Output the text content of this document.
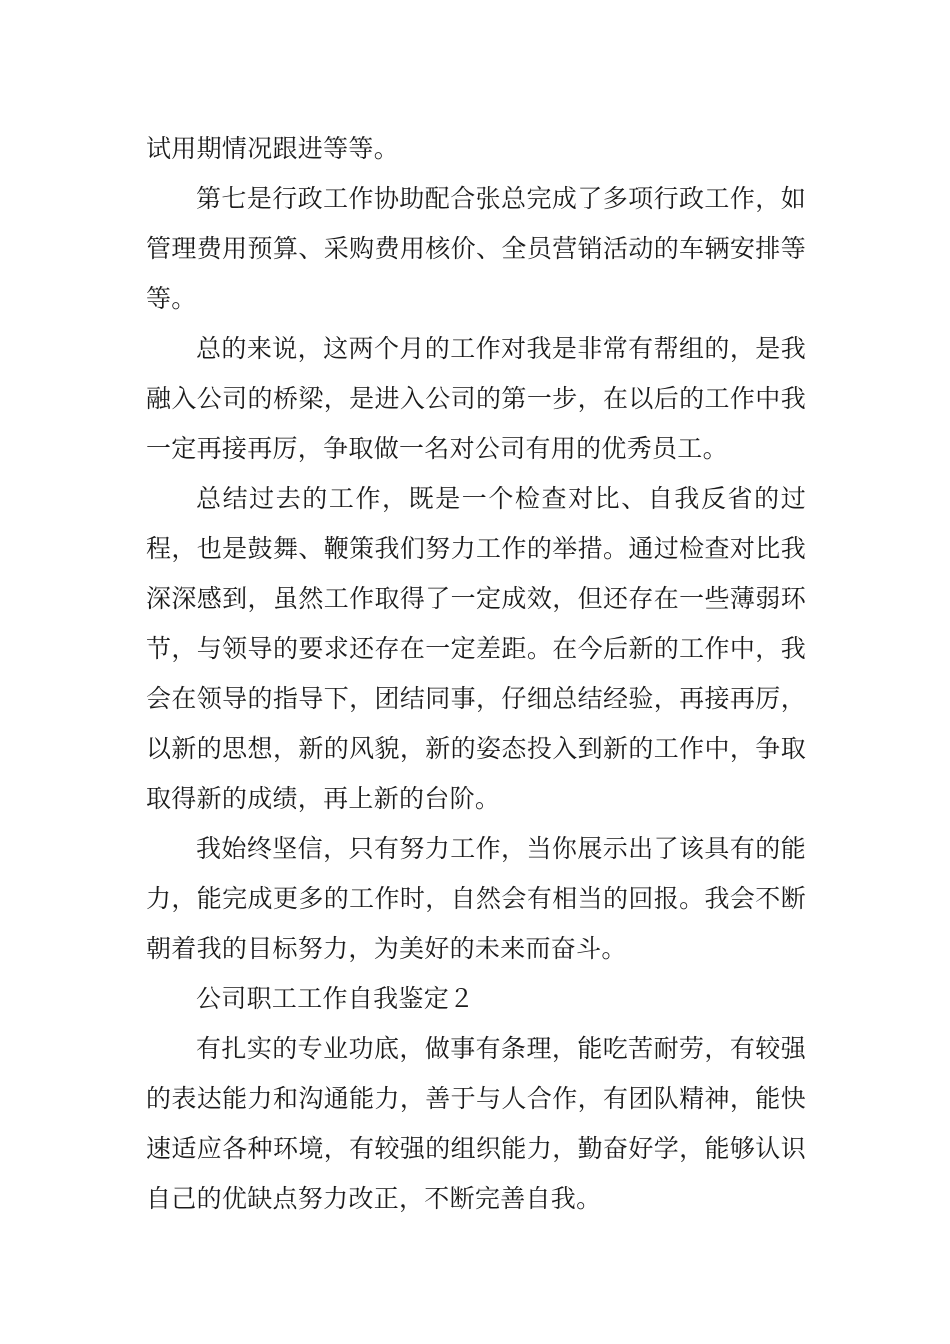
试用期情况跟进等等。

第七是行政工作协助配合张总完成了多项行政工作，如管理费用预算、采购费用核价、全员营销活动的车辆安排等等。

总的来说，这两个月的工作对我是非常有帮组的，是我融入公司的桥梁，是进入公司的第一步，在以后的工作中我一定再接再厉，争取做一名对公司有用的优秀员工。

总结过去的工作，既是一个检查对比、自我反省的过程，也是鼓舞、鞭策我们努力工作的举措。通过检查对比我深深感到，虽然工作取得了一定成效，但还存在一些薄弱环节，与领导的要求还存在一定差距。在今后新的工作中，我会在领导的指导下，团结同事，仔细总结经验，再接再厉，以新的思想，新的风貌，新的姿态投入到新的工作中，争取取得新的成绩，再上新的台阶。

我始终坚信，只有努力工作，当你展示出了该具有的能力，能完成更多的工作时，自然会有相当的回报。我会不断朝着我的目标努力，为美好的未来而奋斗。

公司职工工作自我鉴定２

有扎实的专业功底，做事有条理，能吃苦耐劳，有较强的表达能力和沟通能力，善于与人合作，有团队精神，能快速适应各种环境，有较强的组织能力，勤奋好学，能够认识自己的优缺点努力改正，不断完善自我。
